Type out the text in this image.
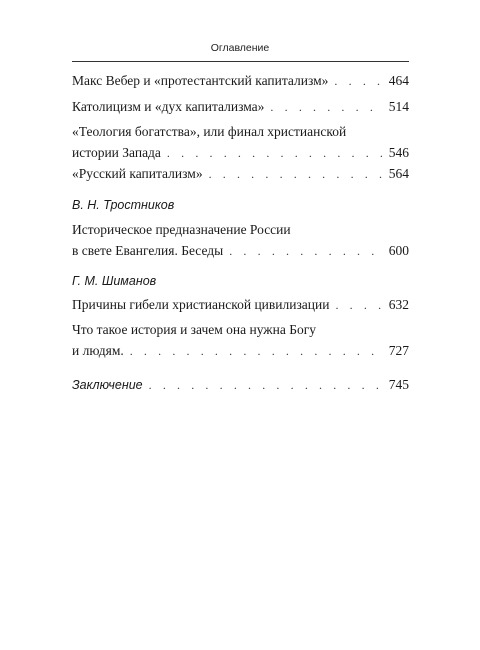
Оглавление
Макс Вебер и «протестантский капитализм» . . .	464
Католицизм и «дух капитализма» . . .	514
«Теология богатства», или финал христианской
истории Запада . . .	546
«Русский капитализм» . . .	564
В. Н. Тростников
Историческое предназначение России
в свете Евангелия. Беседы . . .	600
Г. М. Шиманов
Причины гибели христианской цивилизации . . .	632
Что такое история и зачем она нужна Богу
и людям. . . .	727
Заключение . . .	745
